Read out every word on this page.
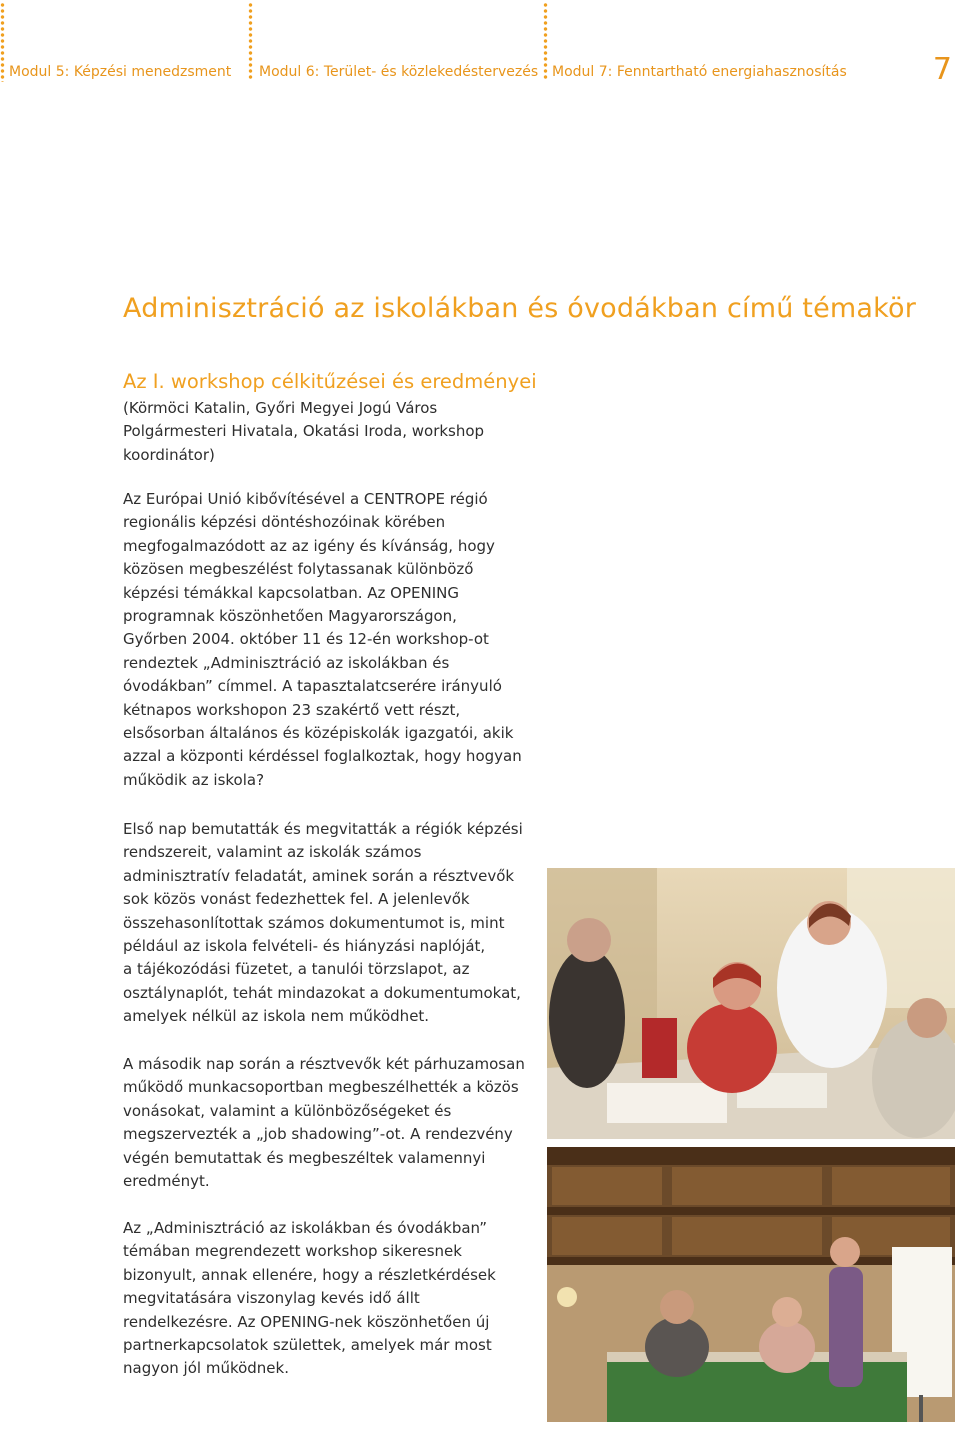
Modul 5: Képzési menedzsment Modul 6: Terület- és közlekedéstervezés Modul 7: Fenntartható energiahasznosítás	7
Adminisztráció az iskolákban és óvodákban című témakör
Az I. workshop célkitűzései és eredményei
(Körmöci Katalin, Győri Megyei Jogú Város
Polgármesteri Hivatala, Okatási Iroda, workshop
koordinátor)
Az Európai Unió kibővítésével a CENTROPE régió
regionális képzési döntéshozóinak körében
megfogalmazódott az az igény és kívánság, hogy
közösen megbeszélést folytassanak különböző
képzési témákkal kapcsolatban. Az OPENING
programnak köszönhetően Magyarországon,
Győrben 2004. október 11 és 12-én workshop-ot
rendeztek „Adminisztráció az iskolákban és
óvodákban” címmel. A tapasztalatcserére irányuló
kétnapos workshopon 23 szakértő vett részt,
elsősorban általános és középiskolák igazgatói, akik
azzal a központi kérdéssel foglalkoztak, hogy hogyan
működik az iskola?
Első nap bemutatták és megvitatták a régiók képzési
rendszereit, valamint az iskolák számos
adminisztratív feladatát, aminek során a résztvevők
sok közös vonást fedezhettek fel. A jelenlevők
összehasonlítottak számos dokumentumot is, mint
például az iskola felvételi- és hiányzási naplóját,
a tájékozódási füzetet, a tanulói törzslapot, az
osztálynaplót, tehát mindazokat a dokumentumokat,
amelyek nélkül az iskola nem működhet.
A második nap során a résztvevők két párhuzamosan
működő munkacsoportban megbeszélhették a közös
vonásokat, valamint a különbözőségeket és
megszervezték a „job shadowing”-ot. A rendezvény
végén bemutattak és megbeszéltek valamennyi
eredményt.
Az „Adminisztráció az iskolákban és óvodákban”
témában megrendezett workshop sikeresnek
bizonyult, annak ellenére, hogy a részletkérdések
megvitatására viszonylag kevés idő állt
rendelkezésre. Az OPENING-nek köszönhetően új
partnerkapcsolatok születtek, amelyek már most
nagyon jól működnek.
